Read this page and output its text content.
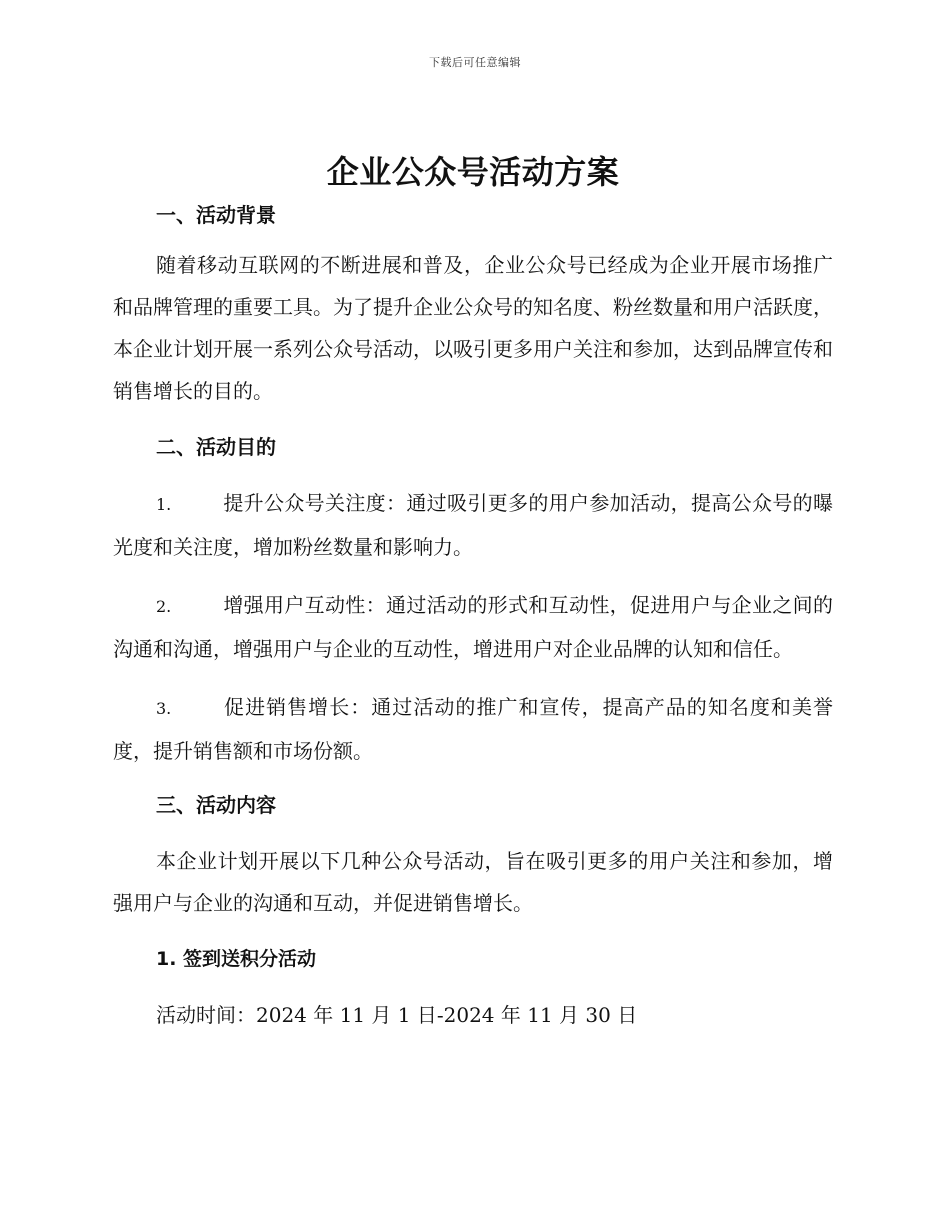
下载后可任意编辑
企业公众号活动方案
一、活动背景

随着移动互联网的不断进展和普及，企业公众号已经成为企业开展市场推广和品牌管理的重要工具。为了提升企业公众号的知名度、粉丝数量和用户活跃度，本企业计划开展一系列公众号活动，以吸引更多用户关注和参加，达到品牌宣传和销售增长的目的。

二、活动目的

1.	提升公众号关注度：通过吸引更多的用户参加活动，提高公众号的曝光度和关注度，增加粉丝数量和影响力。

2.	增强用户互动性：通过活动的形式和互动性，促进用户与企业之间的沟通和沟通，增强用户与企业的互动性，增进用户对企业品牌的认知和信任。

3.	促进销售增长：通过活动的推广和宣传，提高产品的知名度和美誉度，提升销售额和市场份额。

三、活动内容

本企业计划开展以下几种公众号活动，旨在吸引更多的用户关注和参加，增强用户与企业的沟通和互动，并促进销售增长。

1. 签到送积分活动

活动时间：2024 年 11 月 1 日-2024 年 11 月 30 日
